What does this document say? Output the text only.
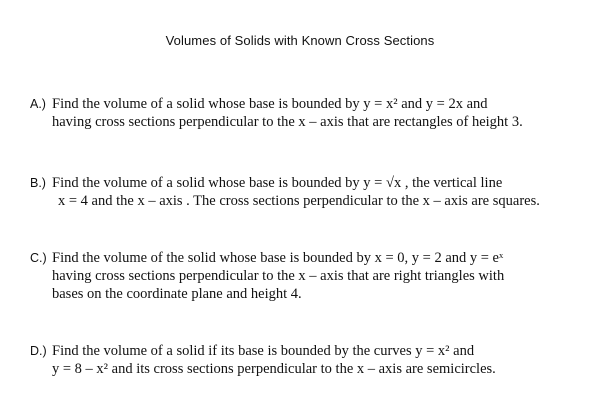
Volumes of Solids with Known Cross Sections
A.) Find the volume of a solid whose base is bounded by y = x² and y = 2x and
having cross sections perpendicular to the x – axis that are rectangles of height 3.
B.) Find the volume of a solid whose base is bounded by y = √x , the vertical line
x = 4 and the x – axis . The cross sections perpendicular to the x – axis are squares.
C.) Find the volume of the solid whose base is bounded by x = 0, y = 2 and y = eˣ
having cross sections perpendicular to the x – axis that are right triangles with
bases on the coordinate plane and height 4.
D.) Find the volume of a solid if its base is bounded by the curves y = x² and
y = 8 – x² and its cross sections perpendicular to the x – axis are semicircles.
